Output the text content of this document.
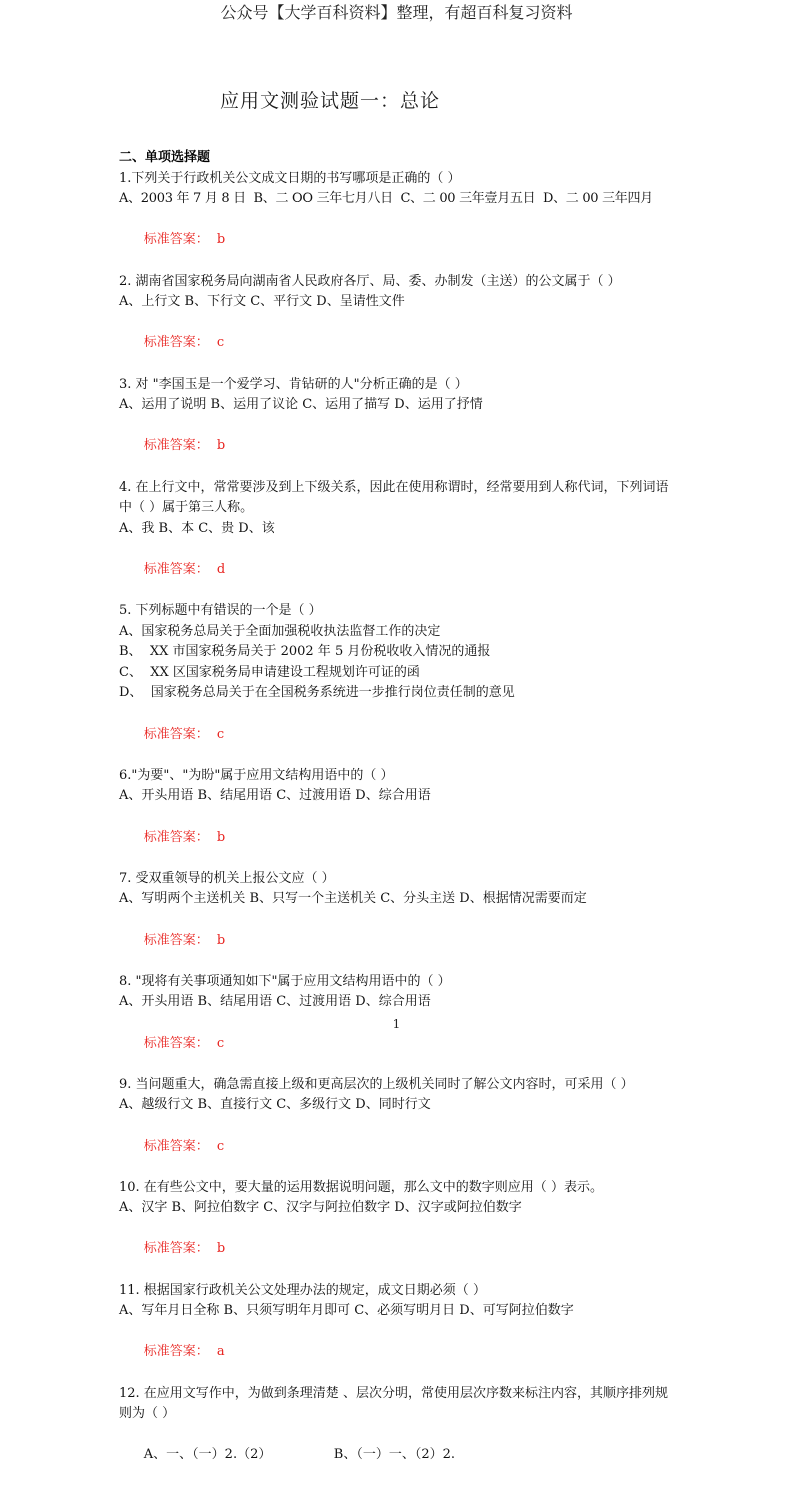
公众号【大学百科资料】整理，有超百科复习资料
应用文测验试题一：总论
二、单项选择题
1.下列关于行政机关公文成文日期的书写哪项是正确的（ ）
A、2003 年 7 月 8 日  B、二 OO 三年七月八日  C、二 00 三年壹月五日  D、二 00 三年四月

标准答案： b

2. 湖南省国家税务局向湖南省人民政府各厅、局、委、办制发（主送）的公文属于（ ）
A、上行文 B、下行文 C、平行文 D、呈请性文件

标准答案： c

3. 对 "李国玉是一个爱学习、肯钻研的人"分析正确的是（ ）
A、运用了说明 B、运用了议论 C、运用了描写 D、运用了抒情

标准答案： b

4. 在上行文中，常常要涉及到上下级关系，因此在使用称谓时，经常要用到人称代词，下列词语中（ ）属于第三人称。
A、我 B、本 C、贵 D、该

标准答案： d

5. 下列标题中有错误的一个是（ ）
A、国家税务总局关于全面加强税收执法监督工作的决定
B、  XX 市国家税务局关于 2002 年 5 月份税收收入情况的通报
C、  XX 区国家税务局申请建设工程规划许可证的函
D、  国家税务总局关于在全国税务系统进一步推行岗位责任制的意见

标准答案： c

6."为要"、"为盼"属于应用文结构用语中的（ ）
A、开头用语 B、结尾用语 C、过渡用语 D、综合用语

标准答案： b

7. 受双重领导的机关上报公文应（ ）
A、写明两个主送机关 B、只写一个主送机关 C、分头主送 D、根据情况需要而定

标准答案： b

8. "现将有关事项通知如下"属于应用文结构用语中的（ ）
A、开头用语 B、结尾用语 C、过渡用语 D、综合用语

标准答案： c

9. 当问题重大，确急需直接上级和更高层次的上级机关同时了解公文内容时，可采用（ ）
A、越级行文 B、直接行文 C、多级行文 D、同时行文

标准答案： c

10. 在有些公文中，要大量的运用数据说明问题，那么文中的数字则应用（ ）表示。
A、汉字 B、阿拉伯数字 C、汉字与阿拉伯数字 D、汉字或阿拉伯数字

标准答案： b

11. 根据国家行政机关公文处理办法的规定，成文日期必须（ ）
A、写年月日全称 B、只须写明年月即可 C、必须写明月日 D、可写阿拉伯数字

标准答案： a

12. 在应用文写作中，为做到条理清楚 、层次分明，常使用层次序数来标注内容，其顺序排列规则为（ ）

A、一、（一）2.（2）	B、（一）一、（2）2.

1
